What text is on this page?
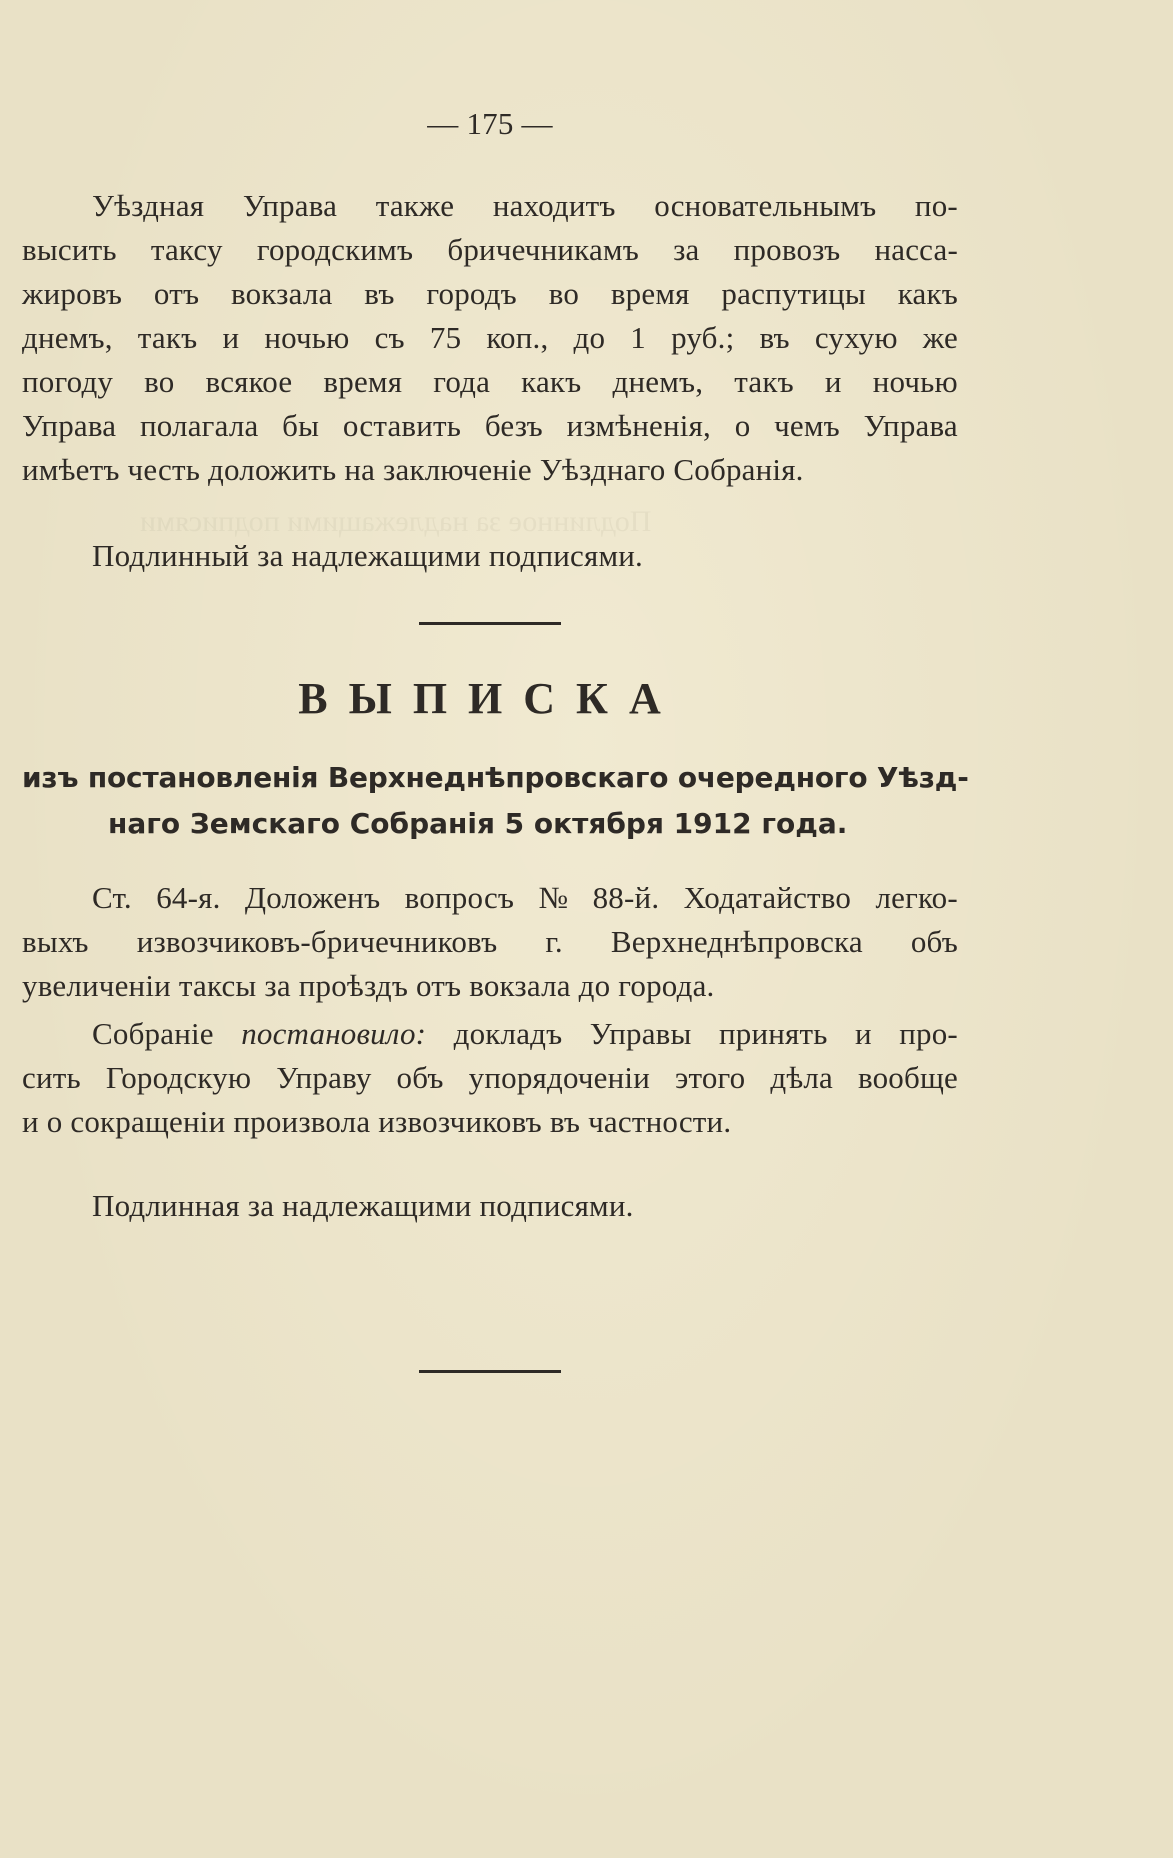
Подлинное за надлежащими подписями
— 175 —
Уѣздная Управа также находитъ основательнымъ по-
высить таксу городскимъ бричечникамъ за провозъ насса-
жировъ отъ вокзала въ городъ во время распутицы какъ
днемъ, такъ и ночью съ 75 коп., до 1 руб.; въ сухую же
погоду во всякое время года какъ днемъ, такъ и ночью
Управа полагала бы оставить безъ измѣненія, о чемъ Управа
имѣетъ честь доложить на заключеніе Уѣзднаго Собранія.
Подлинный за надлежащими подписями.
ВЫПИСКА
изъ постановленія Верхнеднѣпровскаго очередного Уѣзд-
наго Земскаго Собранія 5 октября 1912 года.
Ст. 64-я. Доложенъ вопросъ № 88-й. Ходатайство легко-
выхъ извозчиковъ-бричечниковъ г. Верхнеднѣпровска объ
увеличеніи таксы за проѣздъ отъ вокзала до города.
Собраніе постановило: докладъ Управы принять и про-
сить Городскую Управу объ упорядоченіи этого дѣла вообще
и о сокращеніи произвола извозчиковъ въ частности.
Подлинная за надлежащими подписями.
